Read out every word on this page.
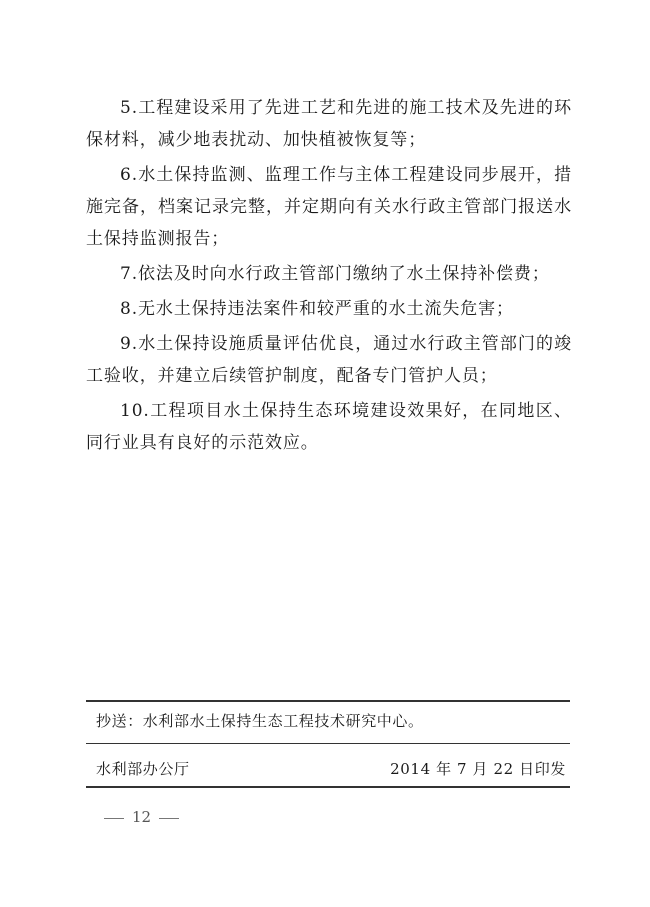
5.工程建设采用了先进工艺和先进的施工技术及先进的环保材料，减少地表扰动、加快植被恢复等；

6.水土保持监测、监理工作与主体工程建设同步展开，措施完备，档案记录完整，并定期向有关水行政主管部门报送水土保持监测报告；

7.依法及时向水行政主管部门缴纳了水土保持补偿费；

8.无水土保持违法案件和较严重的水土流失危害；

9.水土保持设施质量评估优良，通过水行政主管部门的竣工验收，并建立后续管护制度，配备专门管护人员；

10.工程项目水土保持生态环境建设效果好，在同地区、同行业具有良好的示范效应。

抄送：水利部水土保持生态工程技术研究中心。
水利部办公厅	2014 年 7 月 22 日印发
12
